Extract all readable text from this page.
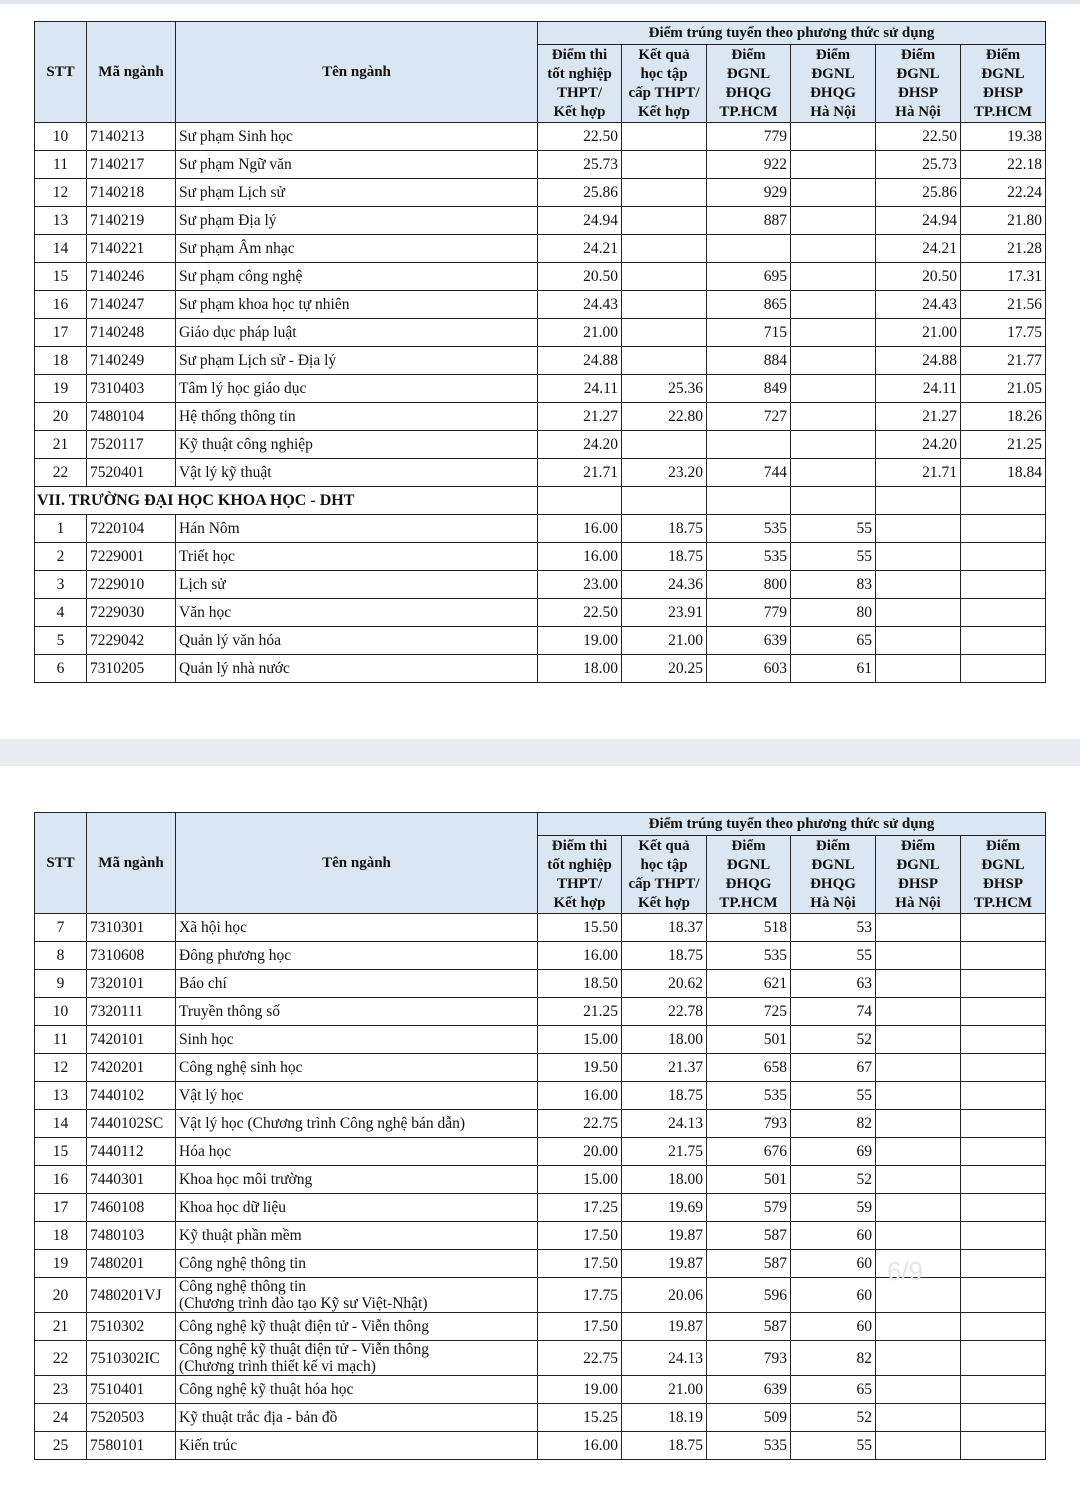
STT	Mã ngành	Tên ngành	Điểm trúng tuyển theo phương thức sử dụng					
			Điểm thi
tốt nghiệp
THPT/
Kết hợp	Kết quả
học tập
cấp THPT/
Kết hợp	Điểm
ĐGNL
ĐHQG
TP.HCM	Điểm
ĐGNL
ĐHQG
Hà Nội	Điểm
ĐGNL
ĐHSP
Hà Nội	Điểm
ĐGNL
ĐHSP
TP.HCM
10	7140213	Sư phạm Sinh học	22.50		779		22.50	19.38
11	7140217	Sư phạm Ngữ văn	25.73		922		25.73	22.18
12	7140218	Sư phạm Lịch sử	25.86		929		25.86	22.24
13	7140219	Sư phạm Địa lý	24.94		887		24.94	21.80
14	7140221	Sư phạm Âm nhạc	24.21				24.21	21.28
15	7140246	Sư phạm công nghệ	20.50		695		20.50	17.31
16	7140247	Sư phạm khoa học tự nhiên	24.43		865		24.43	21.56
17	7140248	Giáo dục pháp luật	21.00		715		21.00	17.75
18	7140249	Sư phạm Lịch sử - Địa lý	24.88		884		24.88	21.77
19	7310403	Tâm lý học giáo dục	24.11	25.36	849		24.11	21.05
20	7480104	Hệ thống thông tin	21.27	22.80	727		21.27	18.26
21	7520117	Kỹ thuật công nghiệp	24.20				24.20	21.25
22	7520401	Vật lý kỹ thuật	21.71	23.20	744		21.71	18.84
VII. TRƯỜNG ĐẠI HỌC KHOA HỌC - DHT								
1	7220104	Hán Nôm	16.00	18.75	535	55		
2	7229001	Triết học	16.00	18.75	535	55		
3	7229010	Lịch sử	23.00	24.36	800	83		
4	7229030	Văn học	22.50	23.91	779	80		
5	7229042	Quản lý văn hóa	19.00	21.00	639	65		
6	7310205	Quản lý nhà nước	18.00	20.25	603	61		
STT	Mã ngành	Tên ngành	Điểm trúng tuyển theo phương thức sử dụng					
			Điểm thi
tốt nghiệp
THPT/
Kết hợp	Kết quả
học tập
cấp THPT/
Kết hợp	Điểm
ĐGNL
ĐHQG
TP.HCM	Điểm
ĐGNL
ĐHQG
Hà Nội	Điểm
ĐGNL
ĐHSP
Hà Nội	Điểm
ĐGNL
ĐHSP
TP.HCM
7	7310301	Xã hội học	15.50	18.37	518	53		
8	7310608	Đông phương học	16.00	18.75	535	55		
9	7320101	Báo chí	18.50	20.62	621	63		
10	7320111	Truyền thông số	21.25	22.78	725	74		
11	7420101	Sinh học	15.00	18.00	501	52		
12	7420201	Công nghệ sinh học	19.50	21.37	658	67		
13	7440102	Vật lý học	16.00	18.75	535	55		
14	7440102SC	Vật lý học (Chương trình Công nghệ bán dẫn)	22.75	24.13	793	82		
15	7440112	Hóa học	20.00	21.75	676	69		
16	7440301	Khoa học môi trường	15.00	18.00	501	52		
17	7460108	Khoa học dữ liệu	17.25	19.69	579	59		
18	7480103	Kỹ thuật phần mềm	17.50	19.87	587	60		
19	7480201	Công nghệ thông tin	17.50	19.87	587	60		
20	7480201VJ	Công nghệ thông tin
(Chương trình đào tạo Kỹ sư Việt-Nhật)	17.75	20.06	596	60		
21	7510302	Công nghệ kỹ thuật điện tử - Viễn thông	17.50	19.87	587	60		
22	7510302IC	Công nghệ kỹ thuật điện tử - Viễn thông
(Chương trình thiết kế vi mạch)	22.75	24.13	793	82		
23	7510401	Công nghệ kỹ thuật hóa học	19.00	21.00	639	65		
24	7520503	Kỹ thuật trắc địa - bản đồ	15.25	18.19	509	52		
25	7580101	Kiến trúc	16.00	18.75	535	55		
6/9
